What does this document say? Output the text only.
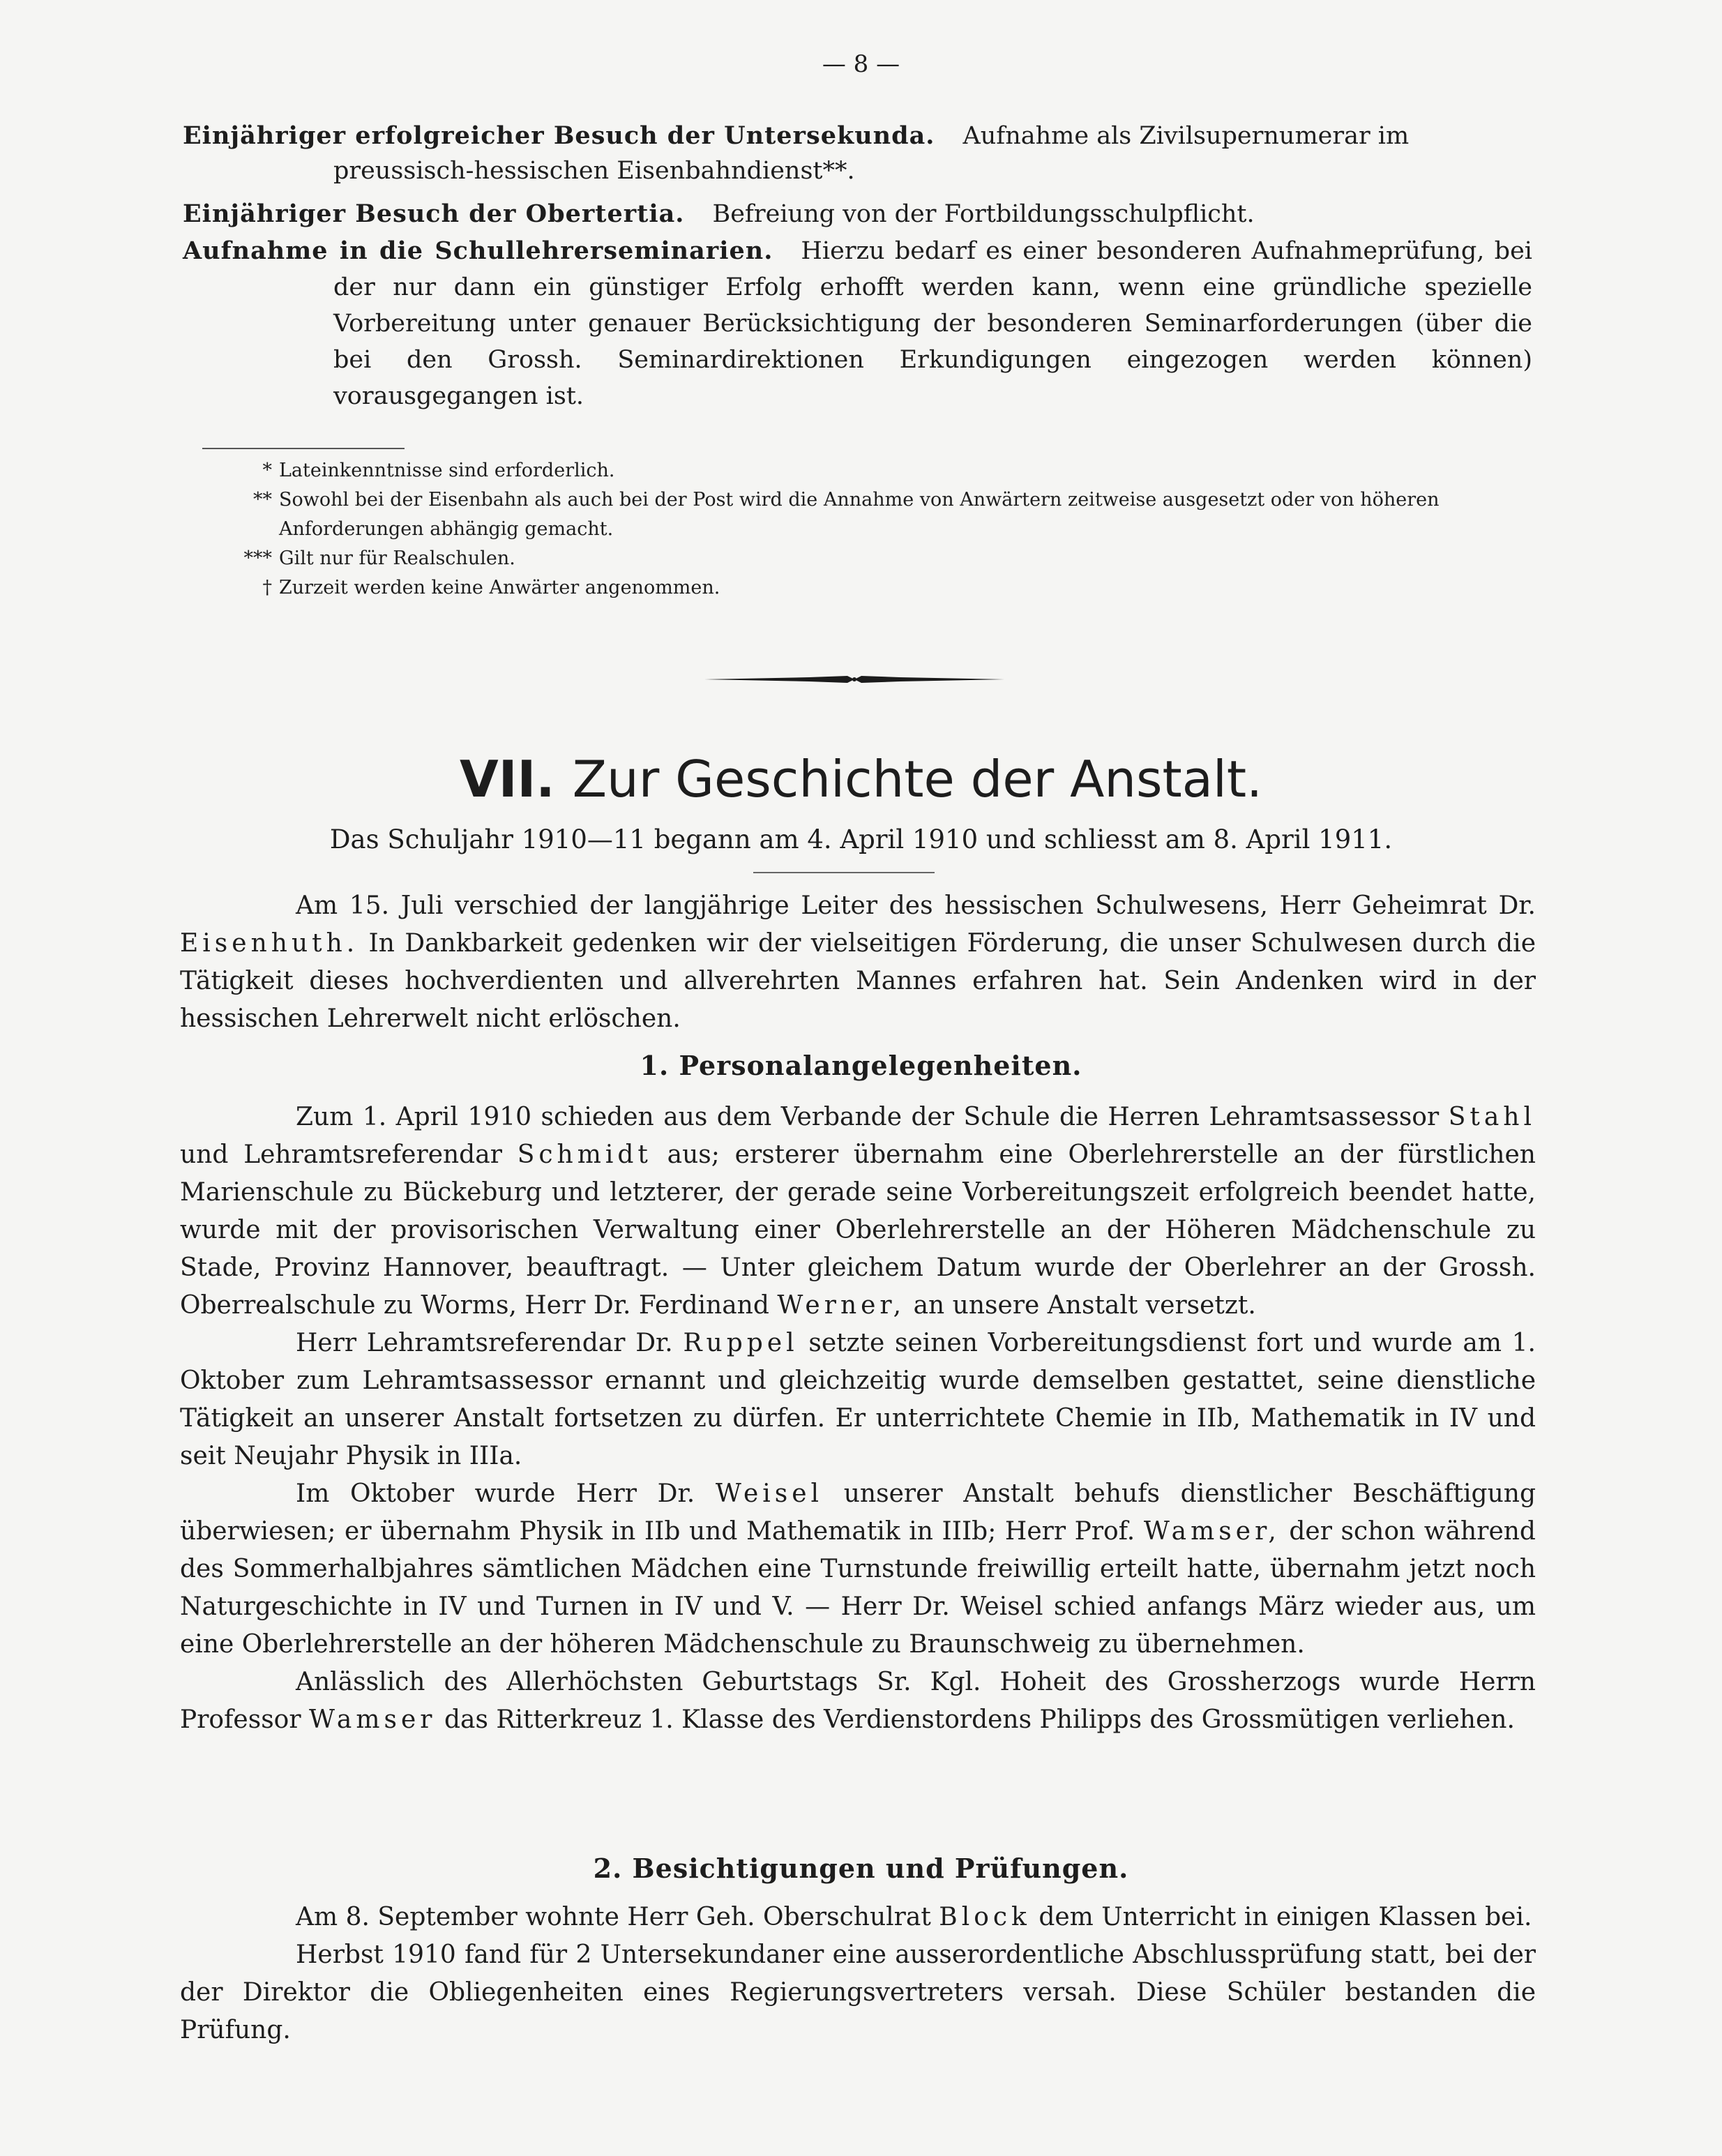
— 8 —
Einjähriger erfolgreicher Besuch der Untersekunda. Aufnahme als Zivilsupernumerar im preussisch-hessischen Eisenbahndienst**.
Einjähriger Besuch der Obertertia. Befreiung von der Fortbildungsschulpflicht.
Aufnahme in die Schullehrerseminarien. Hierzu bedarf es einer besonderen Aufnahmeprüfung, bei der nur dann ein günstiger Erfolg erhofft werden kann, wenn eine gründliche spezielle Vorbereitung unter genauer Berücksichtigung der besonderen Seminarforderungen (über die bei den Grossh. Seminardirektionen Erkundigungen eingezogen werden können) vorausgegangen ist.
* Lateinkenntnisse sind erforderlich.
** Sowohl bei der Eisenbahn als auch bei der Post wird die Annahme von Anwärtern zeitweise ausgesetzt oder von höheren Anforderungen abhängig gemacht.
*** Gilt nur für Realschulen.
† Zurzeit werden keine Anwärter angenommen.
VII. Zur Geschichte der Anstalt.
Das Schuljahr 1910—11 begann am 4. April 1910 und schliesst am 8. April 1911.

Am 15. Juli verschied der langjährige Leiter des hessischen Schulwesens, Herr Geheimrat Dr. Eisenhuth. In Dankbarkeit gedenken wir der vielseitigen Förderung, die unser Schulwesen durch die Tätigkeit dieses hochverdienten und allverehrten Mannes erfahren hat. Sein Andenken wird in der hessischen Lehrerwelt nicht erlöschen.

1. Personalangelegenheiten.

Zum 1. April 1910 schieden aus dem Verbande der Schule die Herren Lehramtsassessor Stahl und Lehramtsreferendar Schmidt aus; ersterer übernahm eine Oberlehrerstelle an der fürstlichen Marienschule zu Bückeburg und letzterer, der gerade seine Vorbereitungszeit erfolgreich beendet hatte, wurde mit der provisorischen Verwaltung einer Oberlehrerstelle an der Höheren Mädchenschule zu Stade, Provinz Hannover, beauftragt. — Unter gleichem Datum wurde der Oberlehrer an der Grossh. Oberrealschule zu Worms, Herr Dr. Ferdinand Werner, an unsere Anstalt versetzt.

Herr Lehramtsreferendar Dr. Ruppel setzte seinen Vorbereitungsdienst fort und wurde am 1. Oktober zum Lehramtsassessor ernannt und gleichzeitig wurde demselben gestattet, seine dienstliche Tätigkeit an unserer Anstalt fortsetzen zu dürfen. Er unterrichtete Chemie in IIb, Mathematik in IV und seit Neujahr Physik in IIIa.

Im Oktober wurde Herr Dr. Weisel unserer Anstalt behufs dienstlicher Beschäftigung überwiesen; er übernahm Physik in IIb und Mathematik in IIIb; Herr Prof. Wamser, der schon während des Sommerhalbjahres sämtlichen Mädchen eine Turnstunde freiwillig erteilt hatte, übernahm jetzt noch Naturgeschichte in IV und Turnen in IV und V. — Herr Dr. Weisel schied anfangs März wieder aus, um eine Oberlehrerstelle an der höheren Mädchenschule zu Braunschweig zu übernehmen.

Anlässlich des Allerhöchsten Geburtstags Sr. Kgl. Hoheit des Grossherzogs wurde Herrn Professor Wamser das Ritterkreuz 1. Klasse des Verdienstordens Philipps des Grossmütigen verliehen.

2. Besichtigungen und Prüfungen.

Am 8. September wohnte Herr Geh. Oberschulrat Block dem Unterricht in einigen Klassen bei.

Herbst 1910 fand für 2 Untersekundaner eine ausserordentliche Abschlussprüfung statt, bei der der Direktor die Obliegenheiten eines Regierungsvertreters versah. Diese Schüler bestanden die Prüfung.
